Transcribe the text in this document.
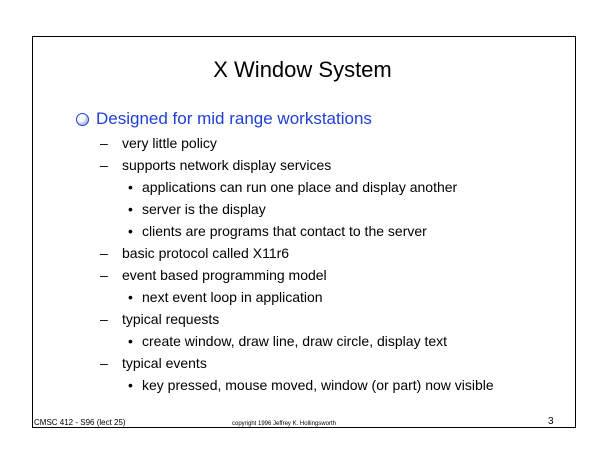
X Window System
Designed for mid range workstations
– very little policy
– supports network display services
• applications can run one place and display another
• server is the display
• clients are programs that contact to the server
– basic protocol called X11r6
– event based programming model
• next event loop in application
– typical requests
• create window, draw line, draw circle, display text
– typical events
• key pressed, mouse moved, window (or part) now visible
CMSC 412 - S96 (lect 25)	copyright 1996 Jeffrey K. Hollingsworth	3
